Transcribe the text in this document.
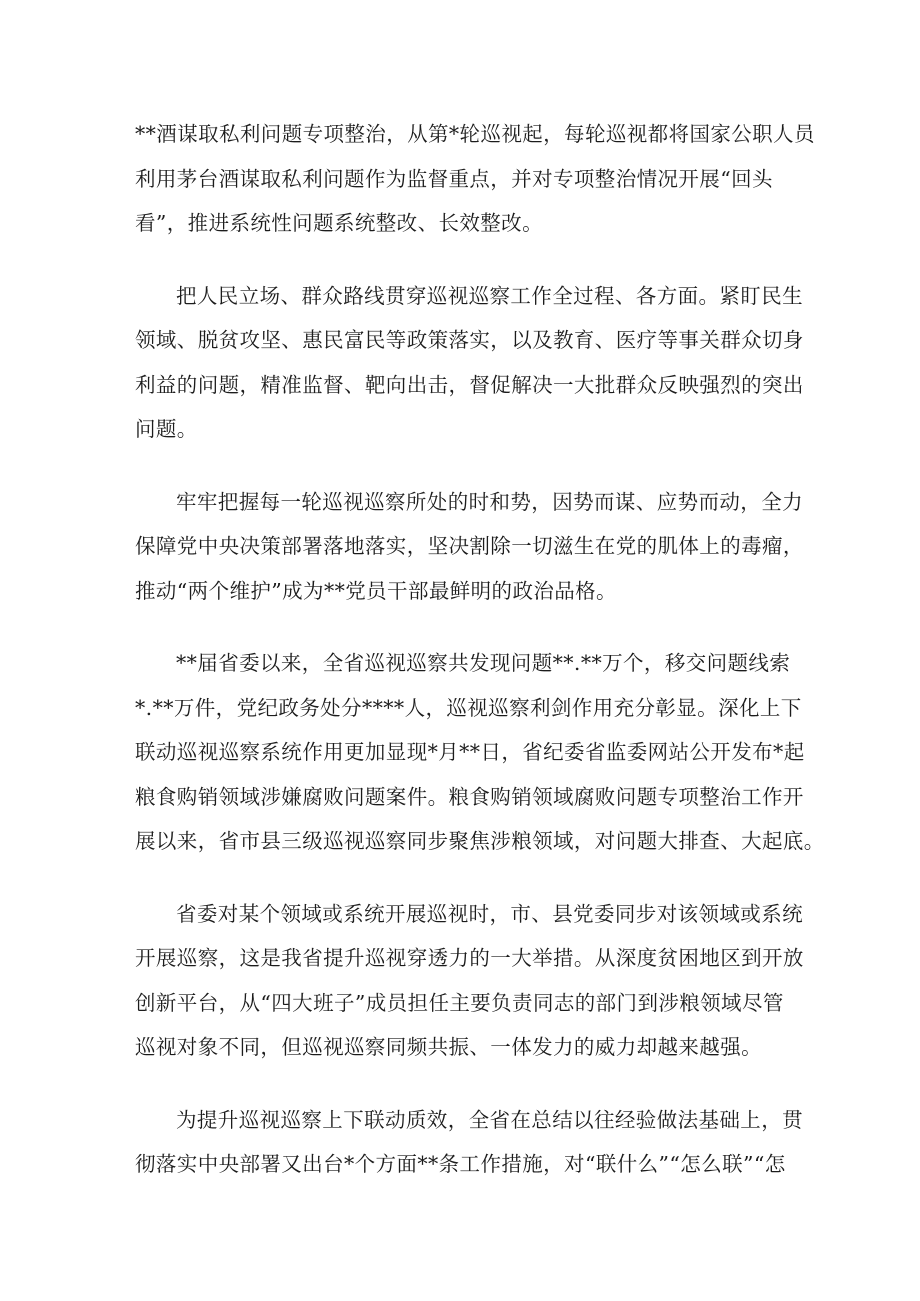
**酒谋取私利问题专项整治，从第*轮巡视起，每轮巡视都将国家公职人员
利用茅台酒谋取私利问题作为监督重点，并对专项整治情况开展“回头
看”，推进系统性问题系统整改、长效整改。

把人民立场、群众路线贯穿巡视巡察工作全过程、各方面。紧盯民生
领域、脱贫攻坚、惠民富民等政策落实，以及教育、医疗等事关群众切身
利益的问题，精准监督、靶向出击，督促解决一大批群众反映强烈的突出
问题。

牢牢把握每一轮巡视巡察所处的时和势，因势而谋、应势而动，全力
保障党中央决策部署落地落实，坚决割除一切滋生在党的肌体上的毒瘤，
推动“两个维护”成为**党员干部最鲜明的政治品格。

**届省委以来，全省巡视巡察共发现问题**.**万个，移交问题线索
*.**万件，党纪政务处分****人，巡视巡察利剑作用充分彰显。深化上下
联动巡视巡察系统作用更加显现*月**日，省纪委省监委网站公开发布*起
粮食购销领域涉嫌腐败问题案件。粮食购销领域腐败问题专项整治工作开
展以来，省市县三级巡视巡察同步聚焦涉粮领域，对问题大排查、大起底。

省委对某个领域或系统开展巡视时，市、县党委同步对该领域或系统
开展巡察，这是我省提升巡视穿透力的一大举措。从深度贫困地区到开放
创新平台，从“四大班子”成员担任主要负责同志的部门到涉粮领域尽管
巡视对象不同，但巡视巡察同频共振、一体发力的威力却越来越强。

为提升巡视巡察上下联动质效，全省在总结以往经验做法基础上，贯
彻落实中央部署又出台*个方面**条工作措施，对“联什么”“怎么联”“怎
